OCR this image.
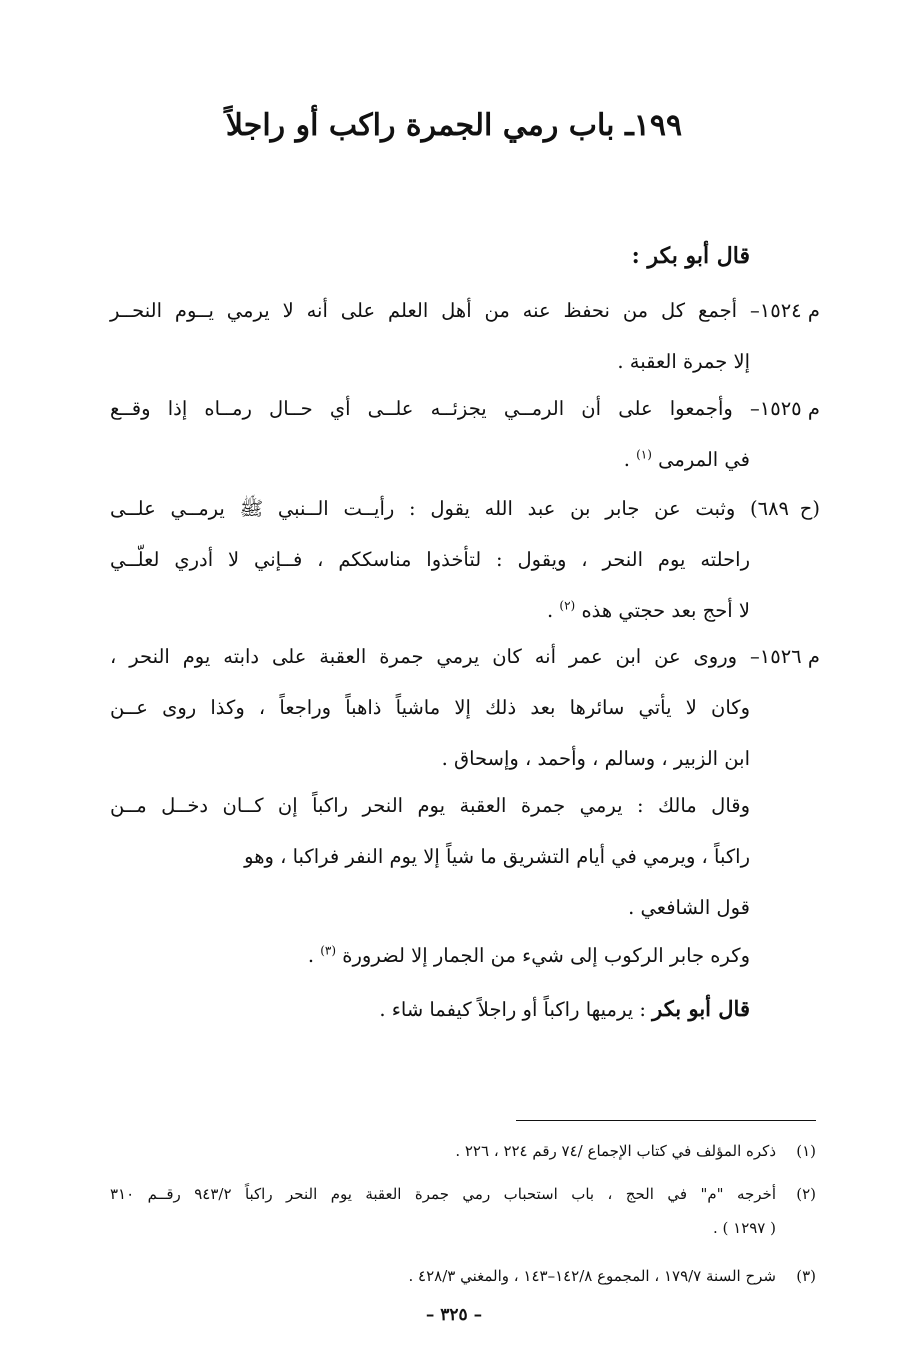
١٩٩ـ باب رمي الجمرة راكب أو راجلاً
قال أبو بكر :
م ١٥٢٤– أجمع كل من نحفظ عنه من أهل العلم على أنه لا يرمي يــوم النحــر
إلا جمرة العقبة .
م ١٥٢٥– وأجمعوا على أن الرمــي يجزئــه علــى أي حــال رمــاه إذا وقــع
في المرمى $^{(١)}$ .
(ح ٦٨٩) وثبت عن جابر بن عبد الله يقول : رأيــت الــنبي ﷺ يرمــي علــى
راحلته يوم النحر ، ويقول : لتأخذوا مناسككم ، فــإني لا أدري لعلّــي
لا أحج بعد حجتي هذه $^{(٢)}$ .
م ١٥٢٦– وروى عن ابن عمر أنه كان يرمي جمرة العقبة على دابته يوم النحر ،
وكان لا يأتي سائرها بعد ذلك إلا ماشياً ذاهباً وراجعاً ، وكذا روى عــن
ابن الزبير ، وسالم ، وأحمد ، وإسحاق .
وقال مالك : يرمي جمرة العقبة يوم النحر راكباً إن كــان دخــل مــن
راكباً ، ويرمي في أيام التشريق ما شياً إلا يوم النفر فراكبا ، وهو
قول الشافعي .
وكره جابر الركوب إلى شيء من الجمار إلا لضرورة $^{(٣)}$ .
قال أبو بكر : يرميها راكباً أو راجلاً كيفما شاء .
(١)ذكره المؤلف في كتاب الإجماع /٧٤ رقم ٢٢٤ ، ٢٢٦ .
(٢)أخرجه "م" في الحج ، باب استحباب رمي جمرة العقبة يوم النحر راكباً ٩٤٣/٢ رقــم ٣١٠
( ١٢٩٧ ) .
(٣)شرح السنة ١٧٩/٧ ، المجموع ١٤٢/٨–١٤٣ ، والمغني ٤٢٨/٣ .
– ٣٢٥ –
